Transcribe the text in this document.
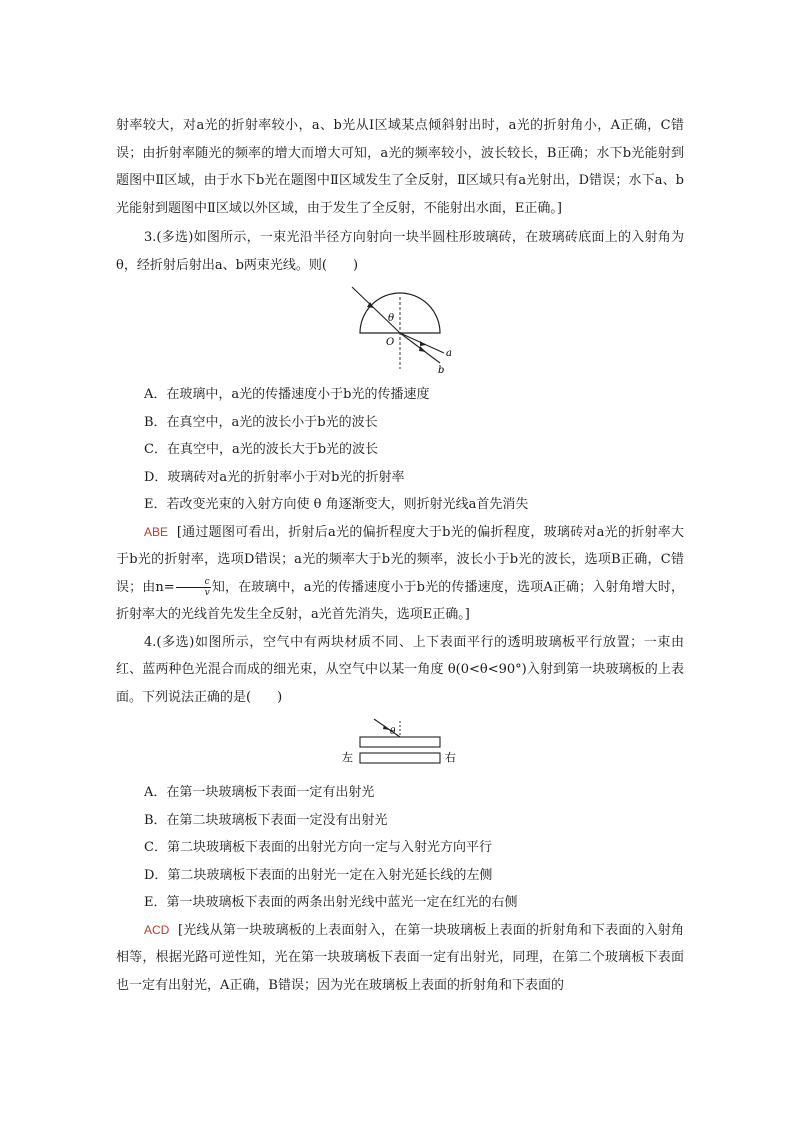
射率较大，对a光的折射率较小，a、b光从Ⅰ区域某点倾斜射出时，a光的折射角小，A正确，C错误；由折射率随光的频率的增大而增大可知，a光的频率较小，波长较长，B正确；水下b光能射到题图中Ⅱ区域，由于水下b光在题图中Ⅱ区域发生了全反射，Ⅱ区域只有a光射出，D错误；水下a、b光能射到题图中Ⅱ区域以外区域，由于发生了全反射，不能射出水面，E正确。]

3.(多选)如图所示，一束光沿半径方向射向一块半圆柱形玻璃砖，在玻璃砖底面上的入射角为 θ，经折射后射出a、b两束光线。则(　　)

θ
O
a
b

A．在玻璃中，a光的传播速度小于b光的传播速度

B．在真空中，a光的波长小于b光的波长

C．在真空中，a光的波长大于b光的波长

D．玻璃砖对a光的折射率小于对b光的折射率

E．若改变光束的入射方向使 θ 角逐渐变大，则折射光线a首先消失

ABE [通过题图可看出，折射后a光的偏折程度大于b光的偏折程度，玻璃砖对a光的折射率大于b光的折射率，选项D错误；a光的频率大于b光的频率，波长小于b光的波长，选项B正确，C错误；由$n= \frac{c}{v}$ 知，在玻璃中，a光的传播速度小于b光的传播速度，选项A正确；入射角增大时，折射率大的光线首先发生全反射，a光首先消失，选项E正确。]

4.(多选)如图所示，空气中有两块材质不同、上下表面平行的透明玻璃板平行放置；一束由红、蓝两种色光混合而成的细光束，从空气中以某一角度 θ(0<θ<90°)入射到第一块玻璃板的上表面。下列说法正确的是(　　)

θ
左	右

A．在第一块玻璃板下表面一定有出射光

B．在第二块玻璃板下表面一定没有出射光

C．第二块玻璃板下表面的出射光方向一定与入射光方向平行

D．第二块玻璃板下表面的出射光一定在入射光延长线的左侧

E．第一块玻璃板下表面的两条出射光线中蓝光一定在红光的右侧

ACD [光线从第一块玻璃板的上表面射入，在第一块玻璃板上表面的折射角和下表面的入射角相等，根据光路可逆性知，光在第一块玻璃板下表面一定有出射光，同理，在第二个玻璃板下表面也一定有出射光，A正确，B错误；因为光在玻璃板上表面的折射角和下表面的
